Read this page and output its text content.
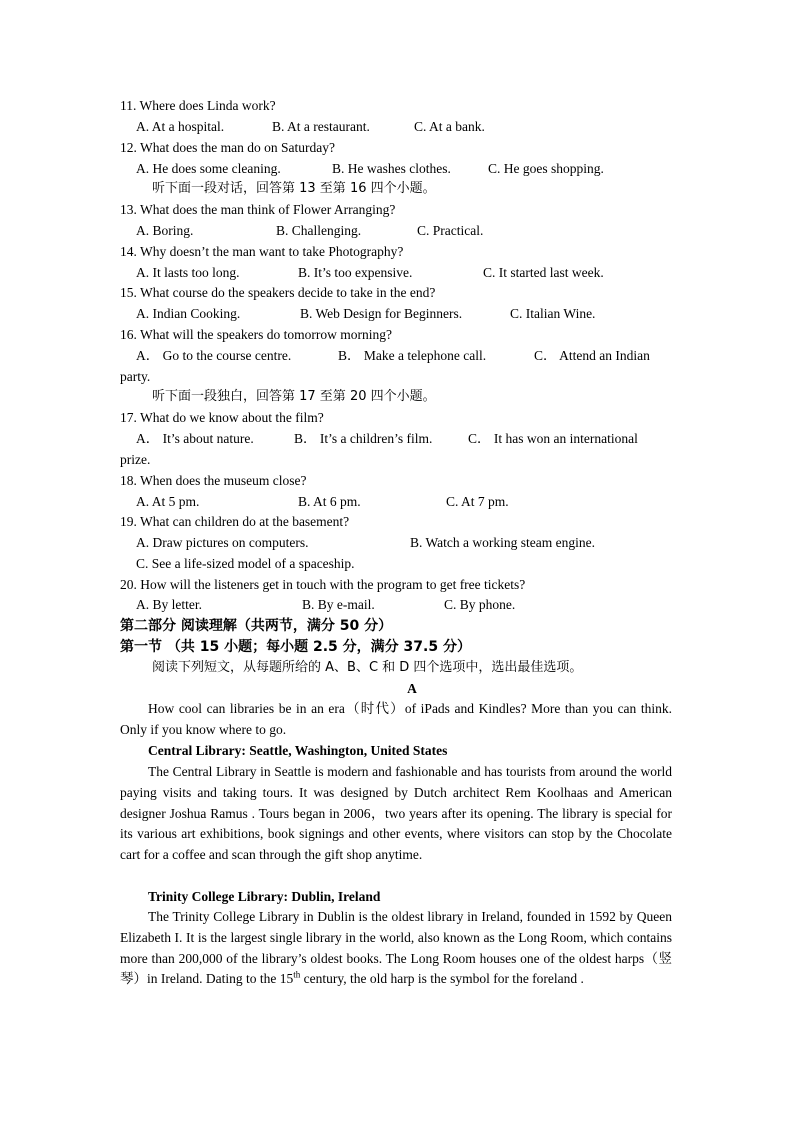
11. Where does Linda work?
A. At a hospital.	B. At a restaurant.	C. At a bank.
12. What does the man do on Saturday?
A. He does some cleaning.	B. He washes clothes.	C. He goes shopping.
听下面一段对话，回答第 13 至第 16 四个小题。
13. What does the man think of Flower Arranging?
A. Boring.	B. Challenging.	C. Practical.
14. Why doesn’t the man want to take Photography?
A. It lasts too long.	B. It’s too expensive.	C. It started last week.
15. What course do the speakers decide to take in the end?
A. Indian Cooking.	B. Web Design for Beginners.	C. Italian Wine.
16. What will the speakers do tomorrow morning?
A． Go to the course centre.	B． Make a telephone call.	C． Attend an Indian
party.
听下面一段独白，回答第 17 至第 20 四个小题。
17. What do we know about the film?
A． It’s about nature.	B． It’s a children’s film.	C． It has won an international
prize.
18. When does the museum close?
A. At 5 pm.	B. At 6 pm.	C. At 7 pm.
19. What can children do at the basement?
A. Draw pictures on computers.	B. Watch a working steam engine.
C. See a life-sized model of a spaceship.
20. How will the listeners get in touch with the program to get free tickets?
A. By letter.	B. By e-mail.	C. By phone.
第二部分 阅读理解（共两节，满分 50 分）
第一节 （共 15 小题；每小题 2.5 分，满分 37.5 分）
阅读下列短文，从每题所给的 A、B、C 和 D 四个选项中，选出最佳选项。
A
How cool can libraries be in an era（时代）of iPads and Kindles? More than you can think. Only if you know where to go.
Central Library: Seattle, Washington, United States
The Central Library in Seattle is modern and fashionable and has tourists from around the world paying visits and taking tours. It was designed by Dutch architect Rem Koolhaas and American designer Joshua Ramus . Tours began in 2006，two years after its opening. The library is special for its various art exhibitions, book signings and other events, where visitors can stop by the Chocolate cart for a coffee and scan through the gift shop anytime.
Trinity College Library: Dublin, Ireland
The Trinity College Library in Dublin is the oldest library in Ireland, founded in 1592 by Queen Elizabeth I. It is the largest single library in the world, also known as the Long Room, which contains more than 200,000 of the library’s oldest books. The Long Room houses one of the oldest harps（竖琴）in Ireland. Dating to the 15th century, the old harp is the symbol for the foreland .
